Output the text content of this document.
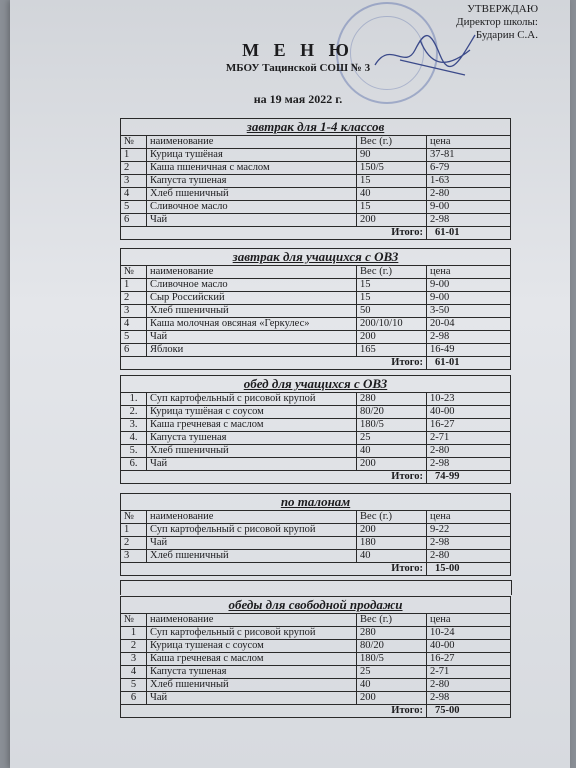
УТВЕРЖДАЮ
Директор школы:
Бударин С.А.
М Е Н Ю
МБОУ Тацинской СОШ № 3
на 19 мая 2022 г.
завтрак для 1-4 классов			
№	наименование	Вес (г.)	цена
1	Курица тушёная	90	37-81
2	Каша пшеничная с маслом	150/5	6-79
3	Капуста тушеная	15	1-63
4	Хлеб пшеничный	40	2-80
5	Сливочное масло	15	9-00
6	Чай	200	2-98
Итого:			61-01
завтрак для учащихся с ОВЗ			
№	наименование	Вес (г.)	цена
1	Сливочное масло	15	9-00
2	Сыр Российский	15	9-00
3	Хлеб пшеничный	50	3-50
4	Каша молочная овсяная «Геркулес»	200/10/10	20-04
5	Чай	200	2-98
6	Яблоки	165	16-49
Итого:			61-01
обед для учащихся с ОВЗ			
1.	Суп картофельный с рисовой крупой	280	10-23
2.	Курица тушёная с соусом	80/20	40-00
3.	Каша гречневая с маслом	180/5	16-27
4.	Капуста тушеная	25	2-71
5.	Хлеб пшеничный	40	2-80
6.	Чай	200	2-98
Итого:			74-99
по талонам			
№	наименование	Вес (г.)	цена
1	Суп картофельный с рисовой крупой	200	9-22
2	Чай	180	2-98
3	Хлеб пшеничный	40	2-80
Итого:			15-00
обеды для свободной продажи			
№	наименование	Вес (г.)	цена
1	Суп картофельный с рисовой крупой	280	10-24
2	Курица тушеная с соусом	80/20	40-00
3	Каша гречневая с маслом	180/5	16-27
4	Капуста тушеная	25	2-71
5	Хлеб пшеничный	40	2-80
6	Чай	200	2-98
Итого:			75-00
